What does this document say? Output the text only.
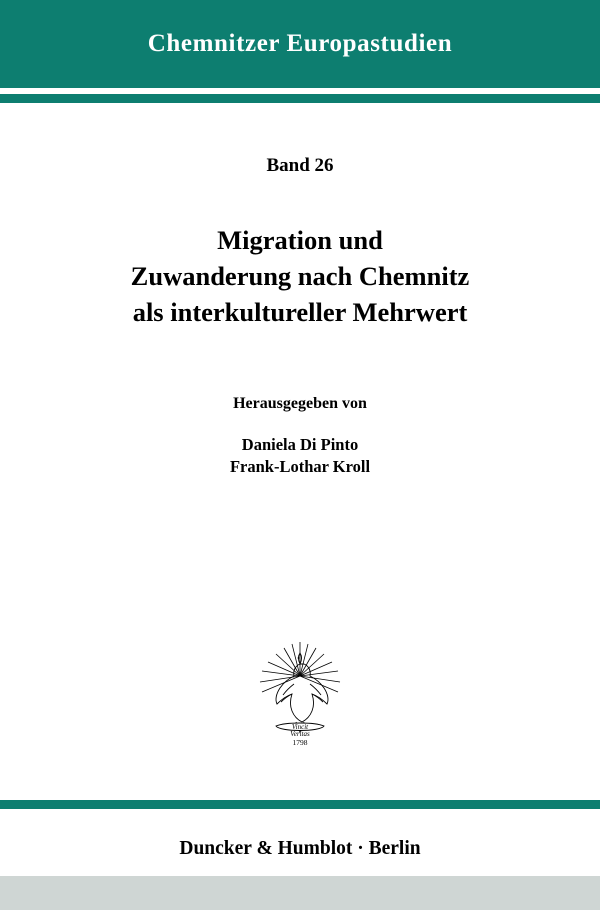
Chemnitzer Europastudien
Band 26
Migration und
Zuwanderung nach Chemnitz
als interkultureller Mehrwert
Herausgegeben von
Daniela Di Pinto
Frank-Lothar Kroll
Vincit
Veritas
1798
Duncker & Humblot · Berlin
